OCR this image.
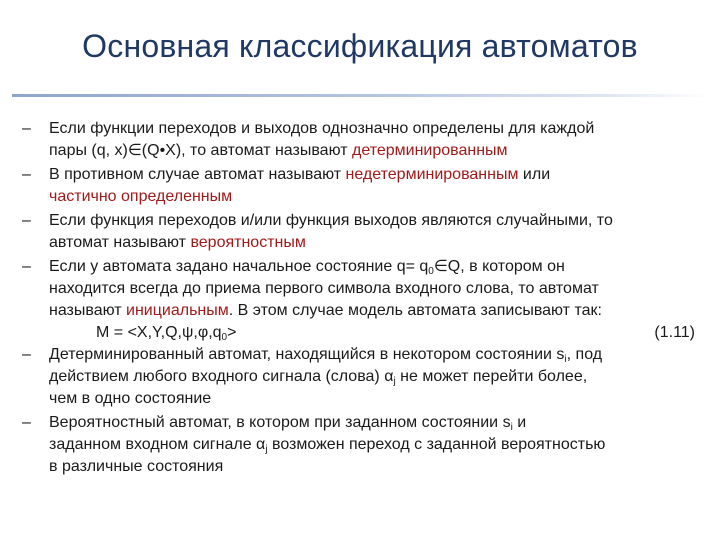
Основная классификация автоматов
– Если функции переходов и выходов однозначно определены для каждой
пары (q, x)∈(Q•X), то автомат называют детерминированным
– В противном случае автомат называют недетерминированным или
частично определенным
– Если функция переходов и/или функция выходов являются случайными, то
автомат называют вероятностным
– Если у автомата задано начальное состояние $q= q_0\in Q$, в котором он
находится всегда до приема первого символа входного слова, то автомат
называют инициальным. В этом случае модель автомата записывают так:
$M = <X,Y,Q,\psi,\varphi,q_0>$	(1.11)
– Детерминированный автомат, находящийся в некотором состоянии $s_i$, под
действием любого входного сигнала (слова) $\alpha_j$ не может перейти более,
чем в одно состояние
– Вероятностный автомат, в котором при заданном состоянии $s_i$ и
заданном входном сигнале $\alpha_j$ возможен переход с заданной вероятностью
в различные состояния
